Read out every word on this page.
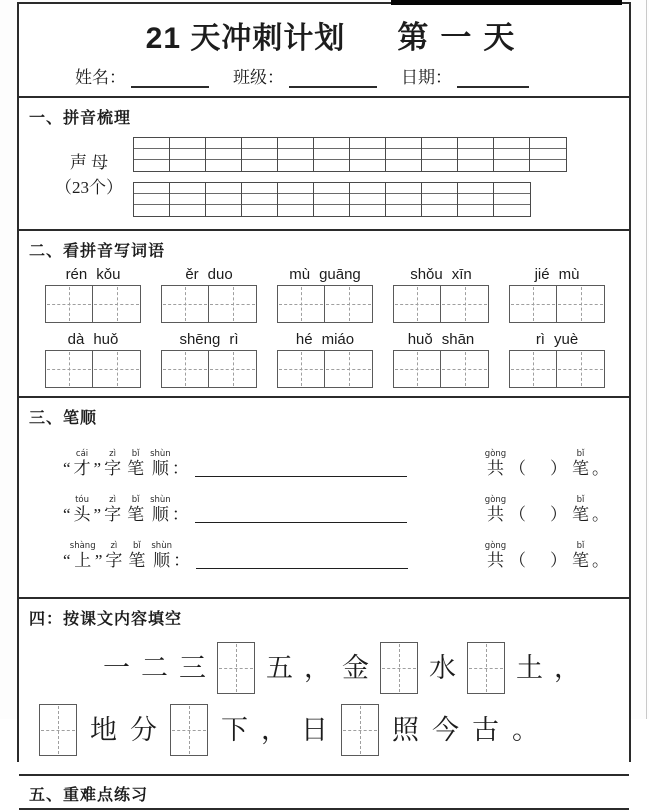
21 天冲刺计划 第一天
姓名：	班级：	日期：
一、拼音梳理
声 母
（23个）
二、看拼音写词语
rén kǒu	ěr duo	mù guāng	shǒu xīn	jié mù
dà huǒ	shēng rì	hé miáo	huǒ shān	rì yuè
三、笔顺
“ 才cái” 字zì笔bǐ顺shùn：	共gòng（ ） 笔bǐ。
“ 头tóu” 字zì笔bǐ顺shùn：	共gòng（ ） 笔bǐ。
“上shàng” 字zì笔bǐ顺shùn：	共gòng（ ） 笔bǐ。
四：按课文内容填空
一 二 三 五 ， 金 水 土 ，
地 分 下 ， 日 照 今 古 。
五、重难点练习
